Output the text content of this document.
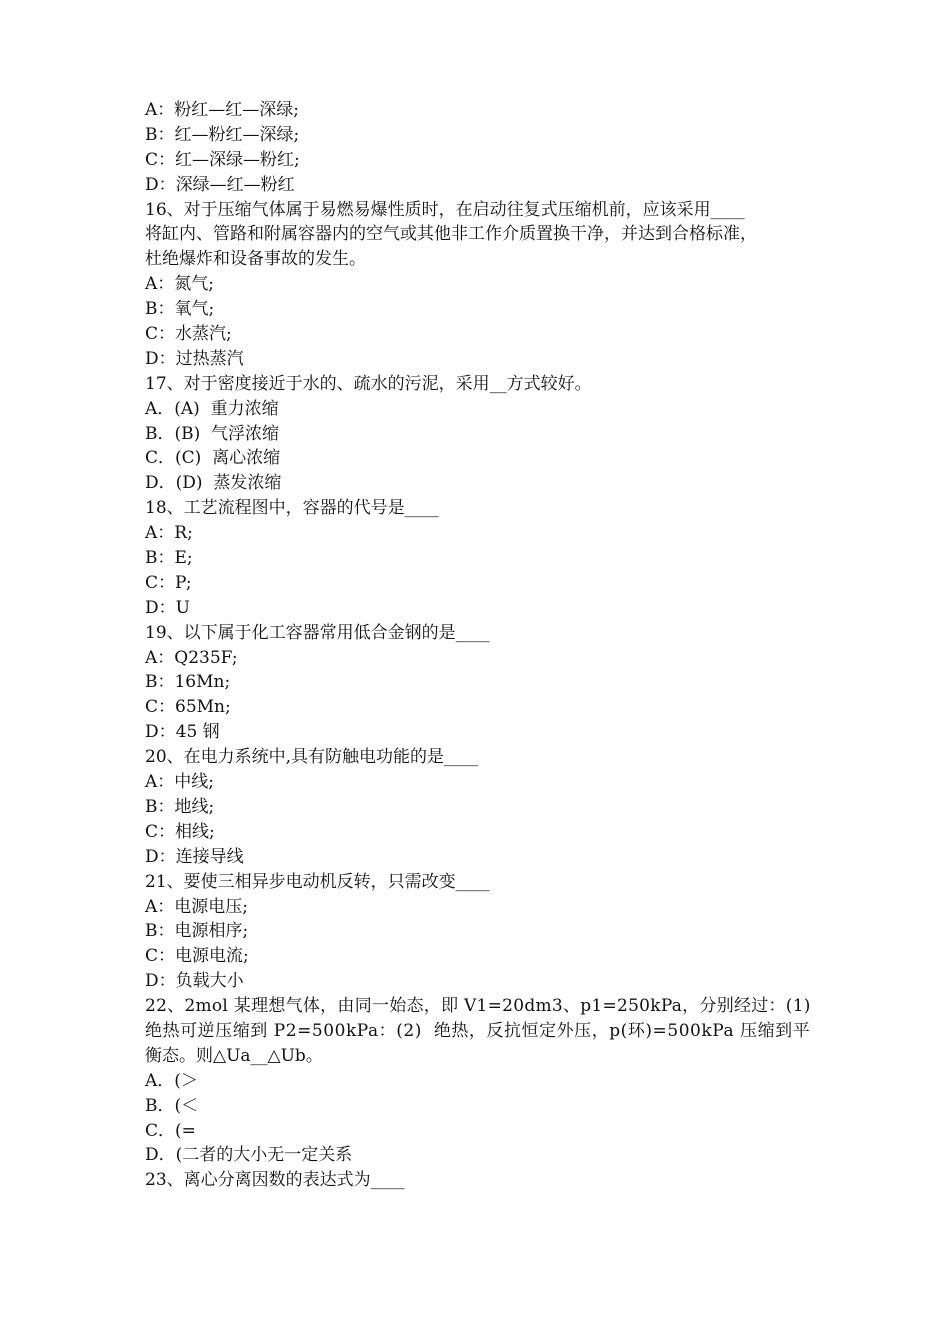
A：粉红—红—深绿;
B：红—粉红—深绿;
C：红—深绿—粉红;
D：深绿—红—粉红
16、对于压缩气体属于易燃易爆性质时，在启动往复式压缩机前，应该采用____
将缸内、管路和附属容器内的空气或其他非工作介质置换干净，并达到合格标准，
杜绝爆炸和设备事故的发生。
A：氮气;
B：氧气;
C：水蒸汽;
D：过热蒸汽
17、对于密度接近于水的、疏水的污泥，采用__方式较好。
A．(A)  重力浓缩
B．(B)  气浮浓缩
C．(C)  离心浓缩
D．(D)  蒸发浓缩
18、工艺流程图中，容器的代号是____
A：R;
B：E;
C：P;
D：U
19、以下属于化工容器常用低合金钢的是____
A：Q235F;
B：16Mn;
C：65Mn;
D：45 钢
20、在电力系统中,具有防触电功能的是____
A：中线;
B：地线;
C：相线;
D：连接导线
21、要使三相异步电动机反转，只需改变____
A：电源电压;
B：电源相序;
C：电源电流;
D：负载大小
22、2mol 某理想气体，由同一始态，即 V1=20dm3、p1=250kPa，分别经过：(1)
绝热可逆压缩到 P2=500kPa：(2)  绝热，反抗恒定外压，p(环)=500kPa 压缩到平
衡态。则△Ua__△Ub。
A．(＞
B．(＜
C．(=
D．(二者的大小无一定关系
23、离心分离因数的表达式为____
